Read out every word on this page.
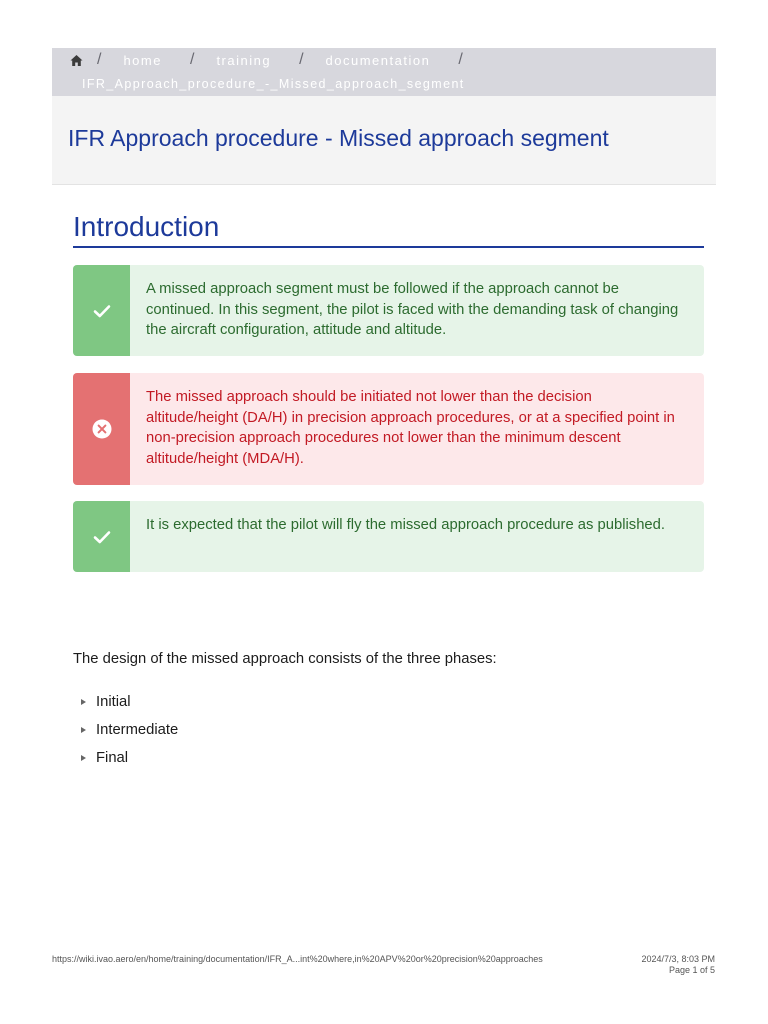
/ home / training / documentation /
IFR_Approach_procedure_-_Missed_approach_segment
IFR Approach procedure - Missed approach segment
Introduction
A missed approach segment must be followed if the approach cannot be continued. In this segment, the pilot is faced with the demanding task of changing the aircraft configuration, attitude and altitude.
The missed approach should be initiated not lower than the decision altitude/height (DA/H) in precision approach procedures, or at a specified point in non-precision approach procedures not lower than the minimum descent altitude/height (MDA/H).
It is expected that the pilot will fly the missed approach procedure as published.

The design of the missed approach consists of the three phases:

Initial
Intermediate
Final
https://wiki.ivao.aero/en/home/training/documentation/IFR_A...int%20where,in%20APV%20or%20precision%20approaches	2024/7/3, 8:03 PM
Page 1 of 5
